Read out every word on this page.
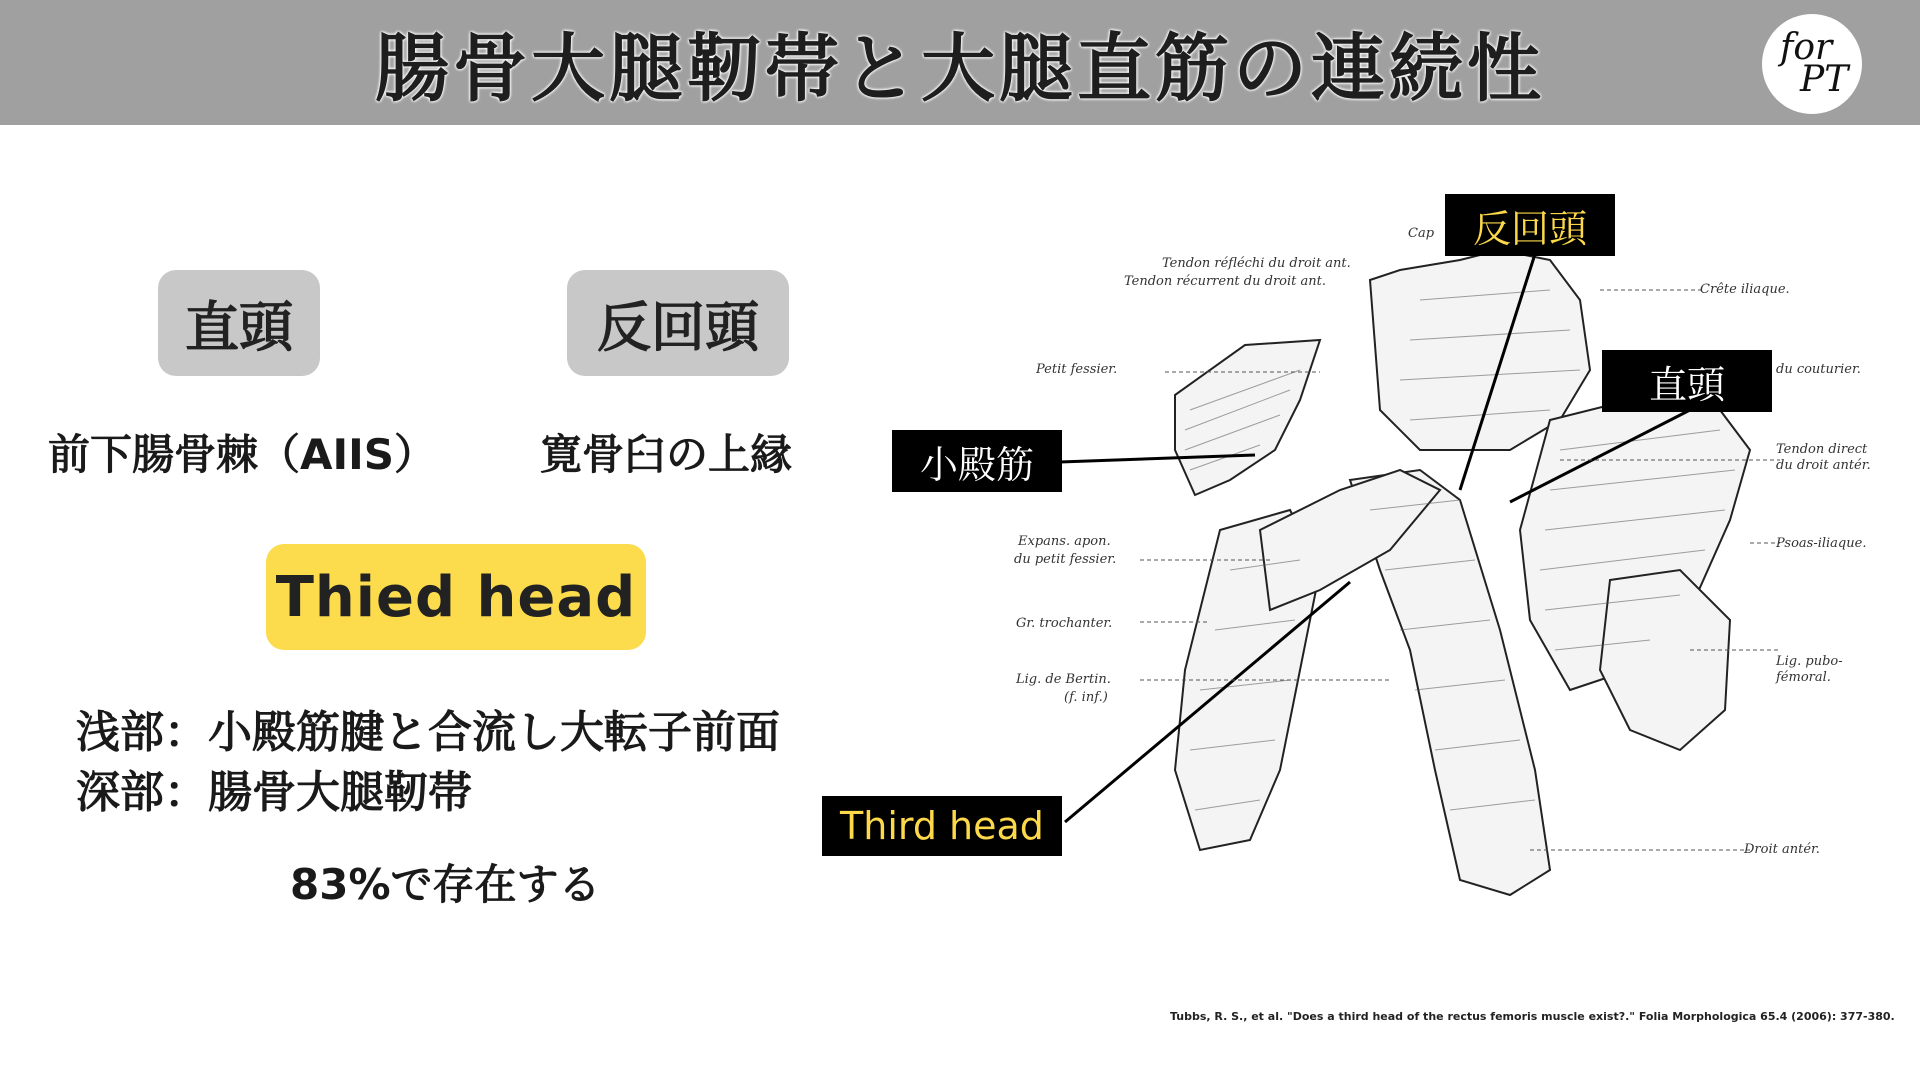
腸骨大腿靭帯と大腿直筋の連続性	for
PT
直頭	反回頭
前下腸骨棘（AIIS） 寛骨臼の上縁
Thied head
浅部：小殿筋腱と合流し大転子前面
深部：腸骨大腿靭帯
83%で存在する
Cap
Tendon réfléchi du droit ant.
Tendon récurrent du droit ant.
Crête iliaque.
Petit fessier.	du couturier.
Tendon direct
du droit antér.
Expans. apon.
du petit fessier.
Psoas-iliaque.
Gr. trochanter.
Lig. de Bertin.
(f. inf.)
Lig. pubo-
fémoral.
Droit antér.
反回頭
直頭
小殿筋
Third head
Tubbs, R. S., et al. "Does a third head of the rectus femoris muscle exist?." Folia Morphologica 65.4 (2006): 377-380.
